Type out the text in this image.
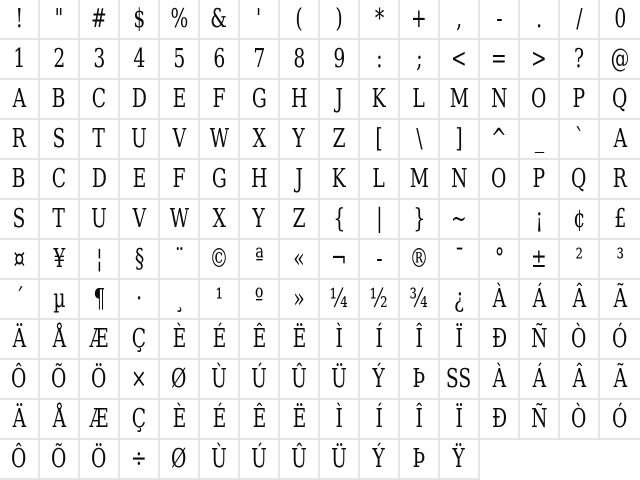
! " # $ % & ' ( ) * + , - . / 0
1 2 3 4 5 6 7 8 9 : ; < = > ? @
A B C D E F G H J K L M N O P Q
R S T U V W X Y Z [ \ ] ^ _ ` A
B C D E F G H J K L M N O P Q R
S T U V W X Y Z { | } ~
	¡ ¢ £
¤ ¥ ¦ § ¨ © ª « ¬ - ® ¯ ° ± ² ³
´ µ ¶ · ¸ ¹ º » ¼ ½ ¾ ¿ À Á Â Ã
Ä Å Æ Ç È É Ê Ë Ì Í Î Ï Ð Ñ Ò Ó
Ô Õ Ö × Ø Ù Ú Û Ü Ý Þ SS À Á Â Ã
Ä Å Æ Ç È É Ê Ë Ì Í Î Ï Ð Ñ Ò Ó
Ô Õ Ö ÷ Ø Ù Ú Û Ü Ý Þ Ÿ
